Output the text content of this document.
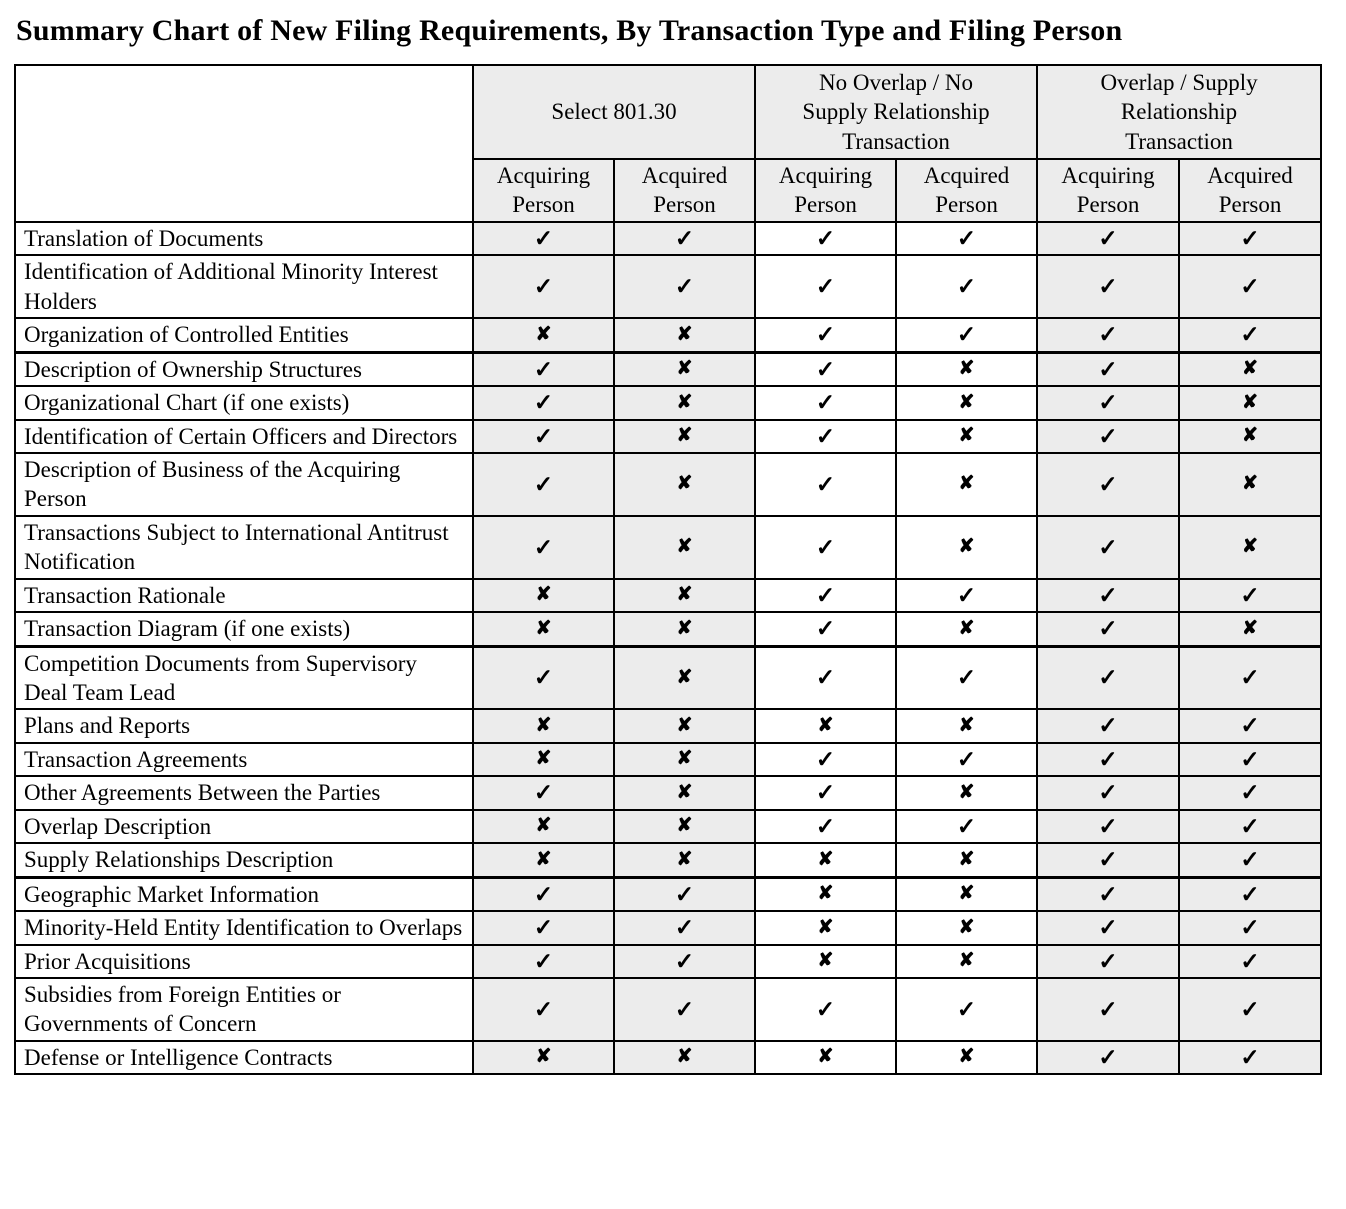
Summary Chart of New Filing Requirements, By Transaction Type and Filing Person
	Select 801.30		No Overlap / No Supply Relationship Transaction		Overlap / Supply Relationship Transaction	
	Acquiring Person	Acquired Person	Acquiring Person	Acquired Person	Acquiring Person	Acquired Person
Translation of Documents	✓	✓	✓	✓	✓	✓
Identification of Additional Minority Interest Holders	✓	✓	✓	✓	✓	✓
Organization of Controlled Entities	✘	✘	✓	✓	✓	✓
Description of Ownership Structures	✓	✘	✓	✘	✓	✘
Organizational Chart (if one exists)	✓	✘	✓	✘	✓	✘
Identification of Certain Officers and Directors	✓	✘	✓	✘	✓	✘
Description of Business of the Acquiring Person	✓	✘	✓	✘	✓	✘
Transactions Subject to International Antitrust Notification	✓	✘	✓	✘	✓	✘
Transaction Rationale	✘	✘	✓	✓	✓	✓
Transaction Diagram (if one exists)	✘	✘	✓	✘	✓	✘
Competition Documents from Supervisory Deal Team Lead	✓	✘	✓	✓	✓	✓
Plans and Reports	✘	✘	✘	✘	✓	✓
Transaction Agreements	✘	✘	✓	✓	✓	✓
Other Agreements Between the Parties	✓	✘	✓	✘	✓	✓
Overlap Description	✘	✘	✓	✓	✓	✓
Supply Relationships Description	✘	✘	✘	✘	✓	✓
Geographic Market Information	✓	✓	✘	✘	✓	✓
Minority-Held Entity Identification to Overlaps	✓	✓	✘	✘	✓	✓
Prior Acquisitions	✓	✓	✘	✘	✓	✓
Subsidies from Foreign Entities or Governments of Concern	✓	✓	✓	✓	✓	✓
Defense or Intelligence Contracts	✘	✘	✘	✘	✓	✓
